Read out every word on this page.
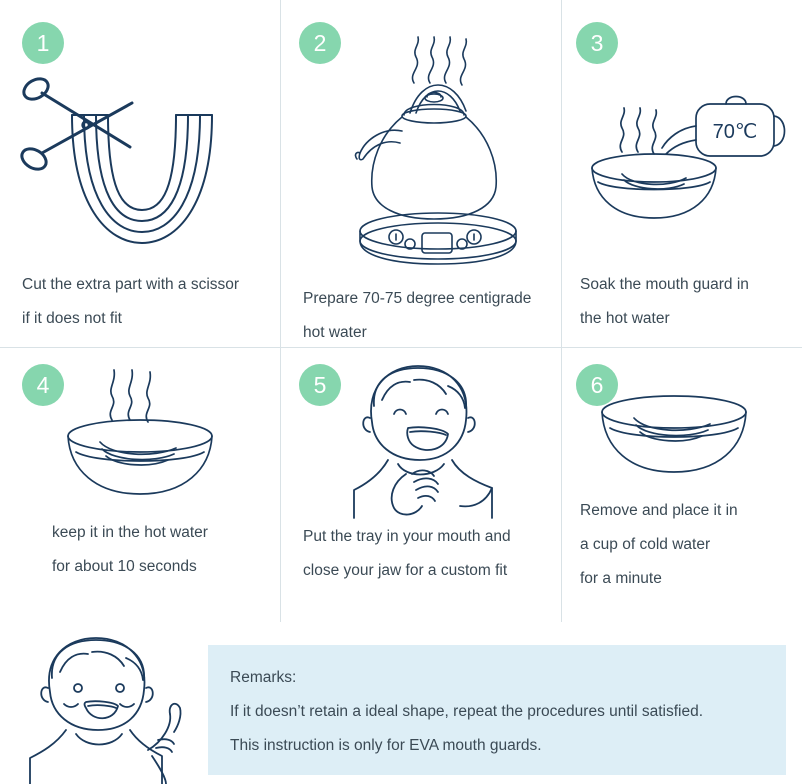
1
Cut the extra part with a scissor
if it does not fit
2
Prepare 70-75 degree centigrade
hot water
3
70℃
Soak the mouth guard in
the hot water
4
keep it in the hot water
for about 10 seconds
5
Put the tray in your mouth and
close your jaw for a custom fit
6
Remove and place it in
a cup of cold water
for a minute

Remarks:

If it doesn’t retain a ideal shape, repeat the procedures until satisfied.

This instruction is only for EVA mouth guards.
